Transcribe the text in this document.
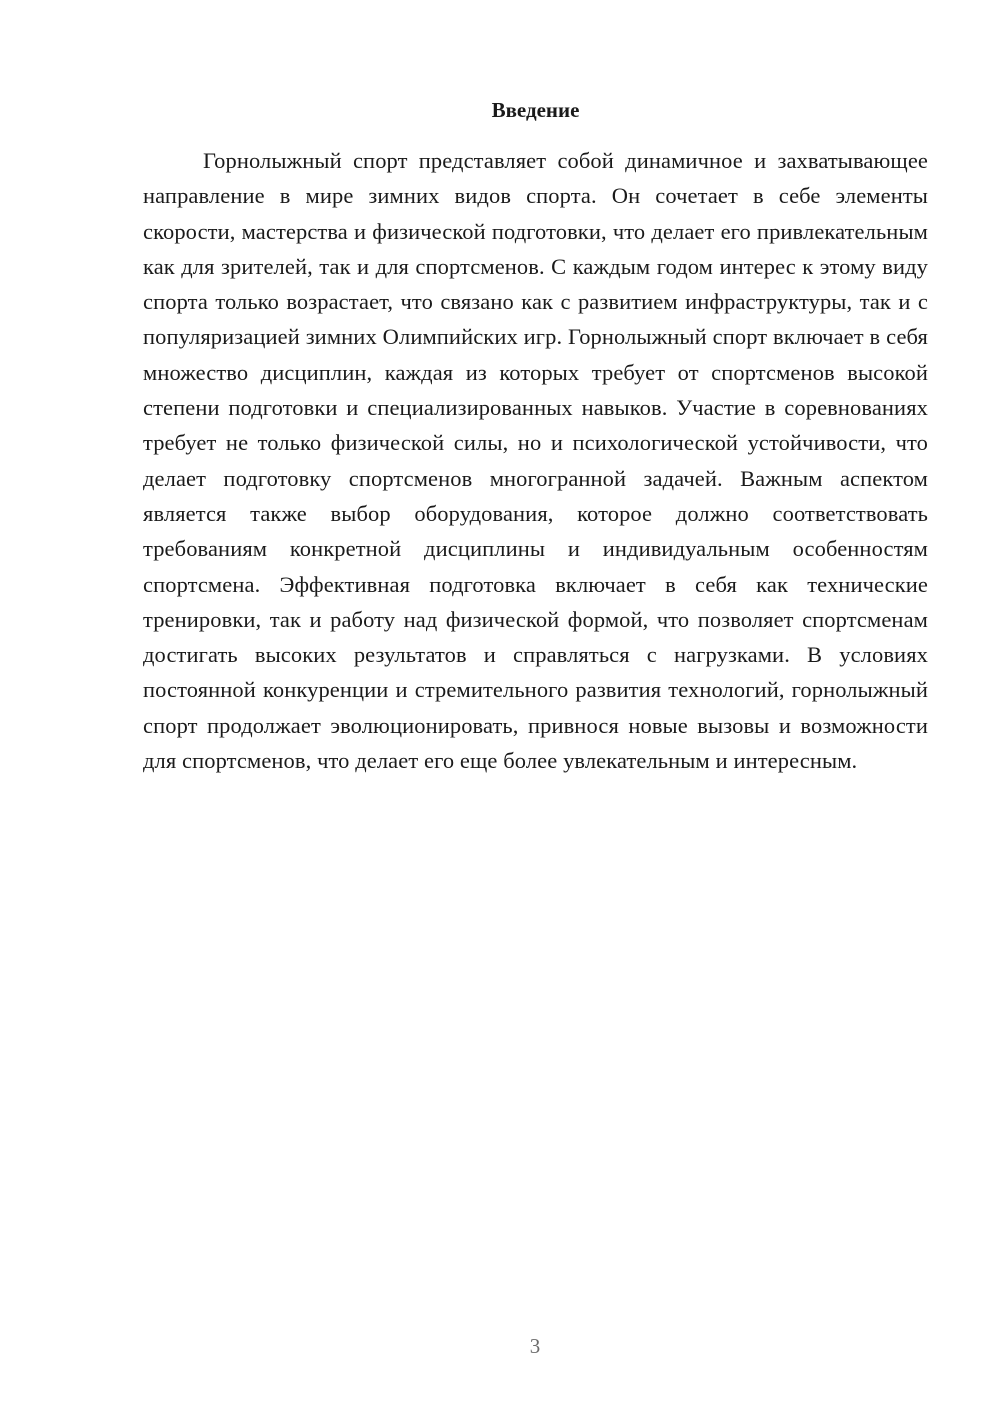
Введение

Горнолыжный спорт представляет собой динамичное и захватывающее направление в мире зимних видов спорта. Он сочетает в себе элементы скорости, мастерства и физической подготовки, что делает его привлекательным как для зрителей, так и для спортсменов. С каждым годом интерес к этому виду спорта только возрастает, что связано как с развитием инфраструктуры, так и с популяризацией зимних Олимпийских игр. Горнолыжный спорт включает в себя множество дисциплин, каждая из которых требует от спортсменов высокой степени подготовки и специализированных навыков. Участие в соревнованиях требует не только физической силы, но и психологической устойчивости, что делает подготовку спортсменов многогранной задачей. Важным аспектом является также выбор оборудования, которое должно соответствовать требованиям конкретной дисциплины и индивидуальным особенностям спортсмена. Эффективная подготовка включает в себя как технические тренировки, так и работу над физической формой, что позволяет спортсменам достигать высоких результатов и справляться с нагрузками. В условиях постоянной конкуренции и стремительного развития технологий, горнолыжный спорт продолжает эволюционировать, привнося новые вызовы и возможности для спортсменов, что делает его еще более увлекательным и интересным.

3
